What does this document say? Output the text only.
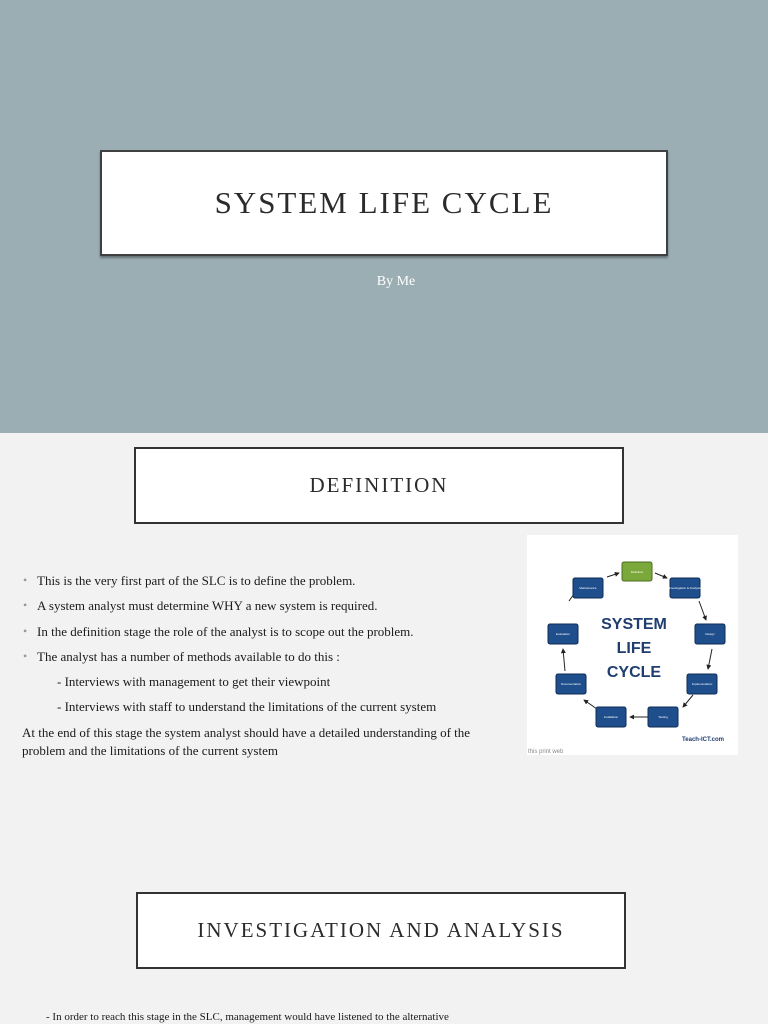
SYSTEM LIFE CYCLE
By Me
DEFINITION
• This is the very first part of the SLC is to define the problem.
• A system analyst must determine WHY a new system is required.
• In the definition stage the role of the analyst is to scope out the problem.
• The analyst has a number of methods available to do this :
- Interviews with management to get their viewpoint
- Interviews with staff to understand the limitations of the current system
At the end of this stage the system analyst should have a detailed understanding of the problem and the limitations of the current system
Definition
Investigation & Analysis
Design
Implementation
Testing
Installation
Documentation
Evaluation
Maintenance
SYSTEM
LIFE
CYCLE
Teach-ICT.com
this print web
INVESTIGATION AND ANALYSIS
- In order to reach this stage in the SLC, management would have listened to the alternative
